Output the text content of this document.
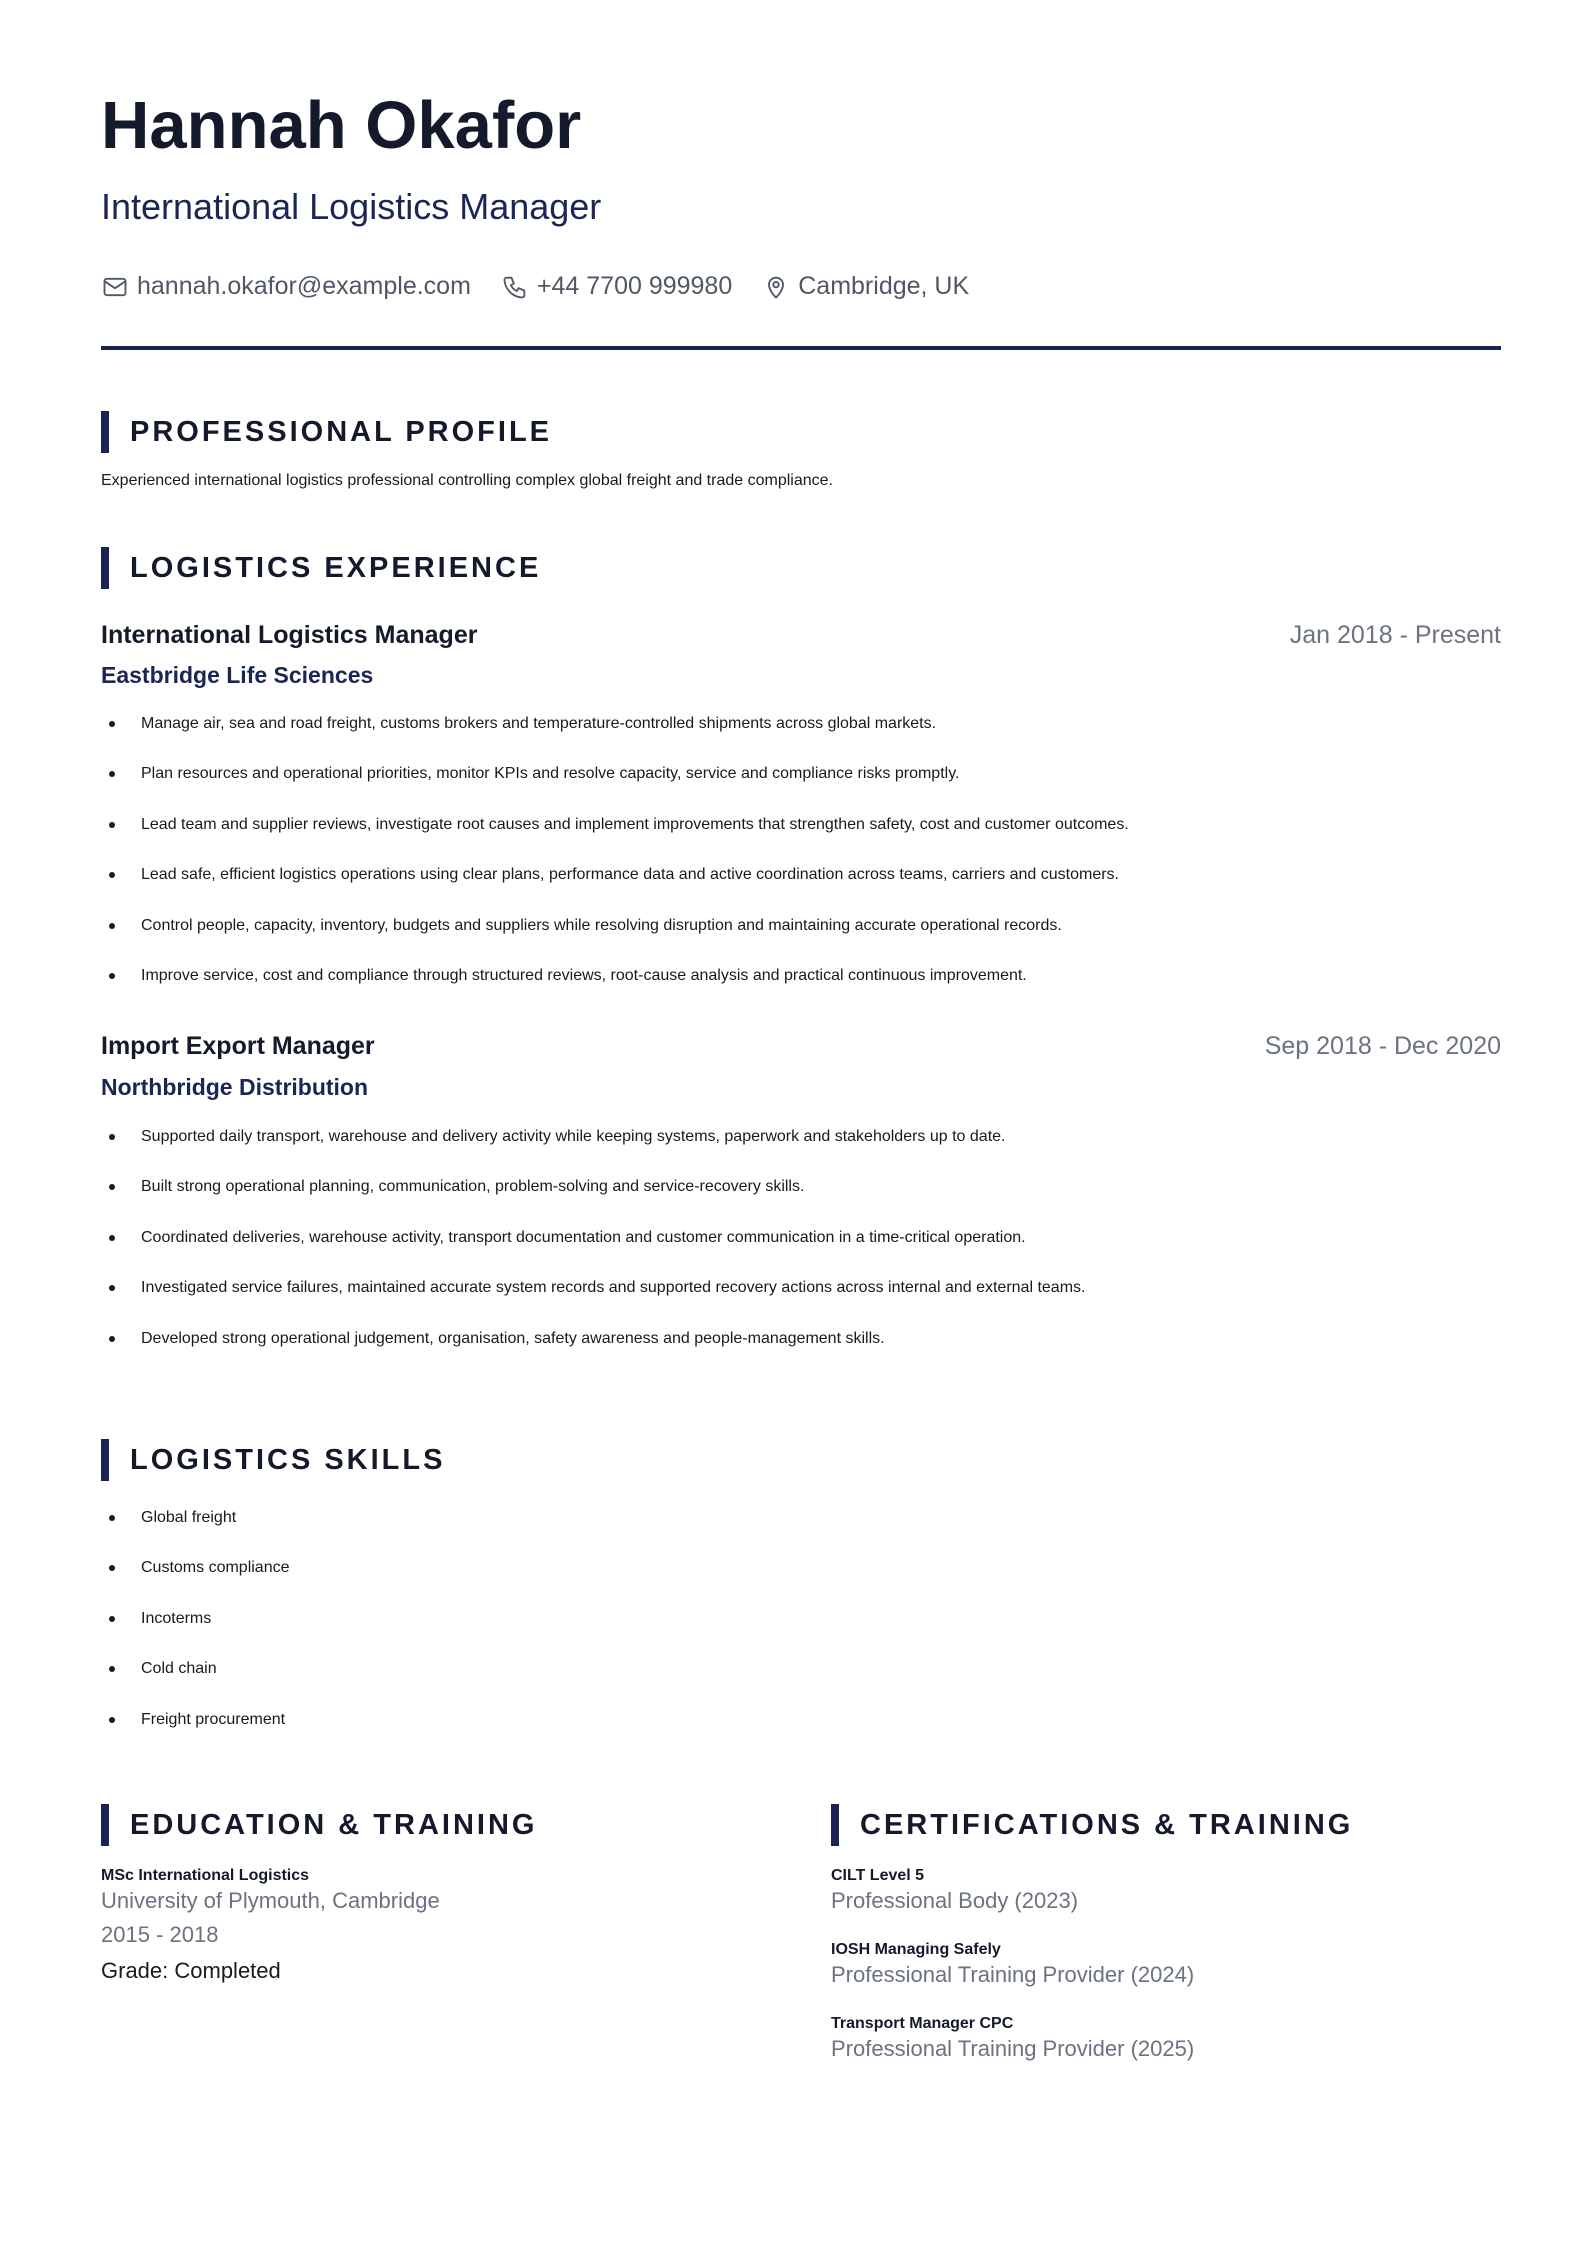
Hannah Okafor
International Logistics Manager
hannah.okafor@example.com	+44 7700 999980	Cambridge, UK
PROFESSIONAL PROFILE
Experienced international logistics professional controlling complex global freight and trade compliance.
LOGISTICS EXPERIENCE
International Logistics Manager	Jan 2018 - Present
Eastbridge Life Sciences
Manage air, sea and road freight, customs brokers and temperature-controlled shipments across global markets.
Plan resources and operational priorities, monitor KPIs and resolve capacity, service and compliance risks promptly.
Lead team and supplier reviews, investigate root causes and implement improvements that strengthen safety, cost and customer outcomes.
Lead safe, efficient logistics operations using clear plans, performance data and active coordination across teams, carriers and customers.
Control people, capacity, inventory, budgets and suppliers while resolving disruption and maintaining accurate operational records.
Improve service, cost and compliance through structured reviews, root-cause analysis and practical continuous improvement.
Import Export Manager	Sep 2018 - Dec 2020
Northbridge Distribution
Supported daily transport, warehouse and delivery activity while keeping systems, paperwork and stakeholders up to date.
Built strong operational planning, communication, problem-solving and service-recovery skills.
Coordinated deliveries, warehouse activity, transport documentation and customer communication in a time-critical operation.
Investigated service failures, maintained accurate system records and supported recovery actions across internal and external teams.
Developed strong operational judgement, organisation, safety awareness and people-management skills.
LOGISTICS SKILLS
Global freight
Customs compliance
Incoterms
Cold chain
Freight procurement
EDUCATION & TRAINING
MSc International Logistics
University of Plymouth, Cambridge
2015 - 2018
Grade: Completed
CERTIFICATIONS & TRAINING
CILT Level 5
Professional Body (2023)
IOSH Managing Safely
Professional Training Provider (2024)
Transport Manager CPC
Professional Training Provider (2025)
